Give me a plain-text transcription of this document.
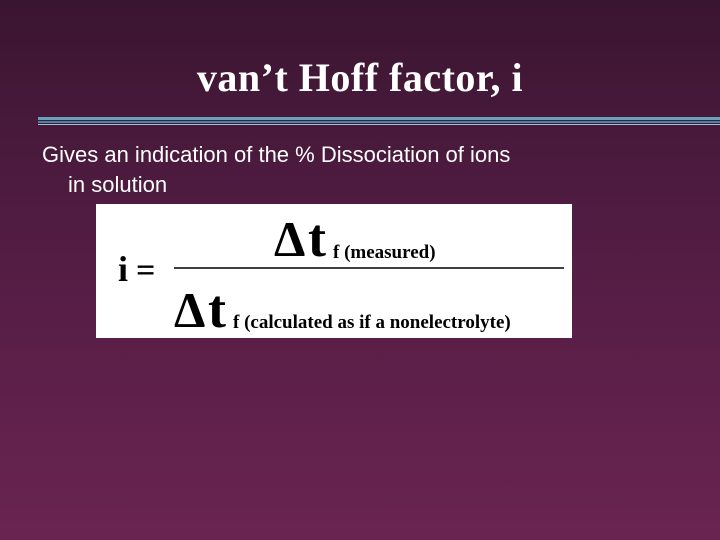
van’t Hoff factor, i
Gives an indication of the % Dissociation of ions
in solution
i =
Δ t f (measured)
Δ t f (calculated as if a nonelectrolyte)
